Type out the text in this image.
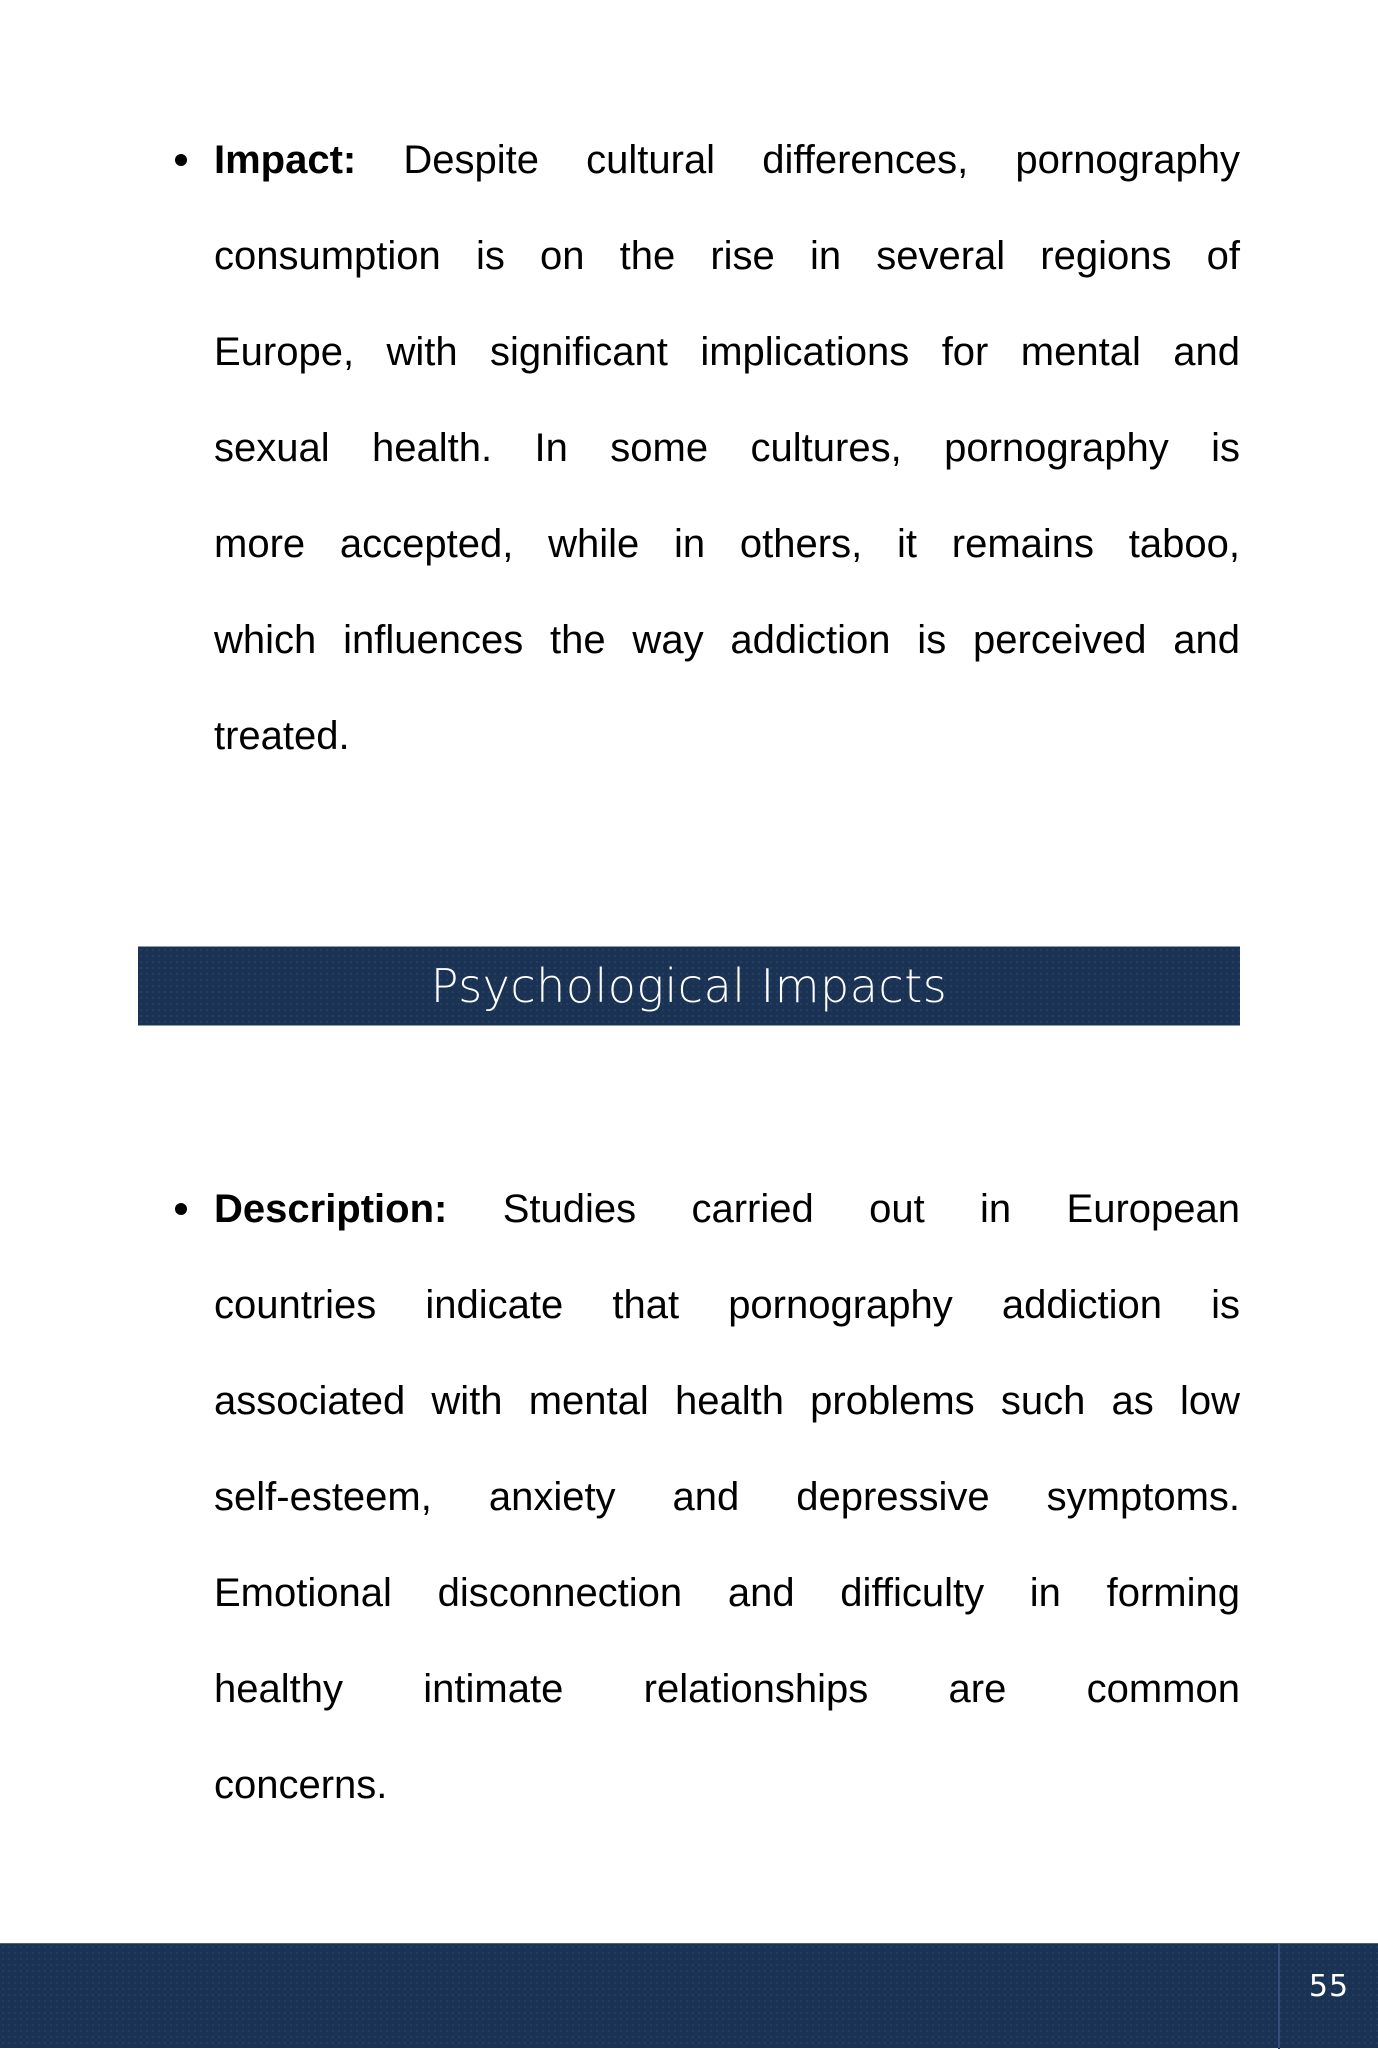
Impact: Despite cultural differences, pornography
consumption is on the rise in several regions of
Europe, with significant implications for mental and
sexual health. In some cultures, pornography is
more accepted, while in others, it remains taboo,
which influences the way addiction is perceived and
treated.
Psychological Impacts
Description: Studies carried out in European
countries indicate that pornography addiction is
associated with mental health problems such as low
self-esteem, anxiety and depressive symptoms.
Emotional disconnection and difficulty in forming
healthy intimate relationships are common
concerns.
55
